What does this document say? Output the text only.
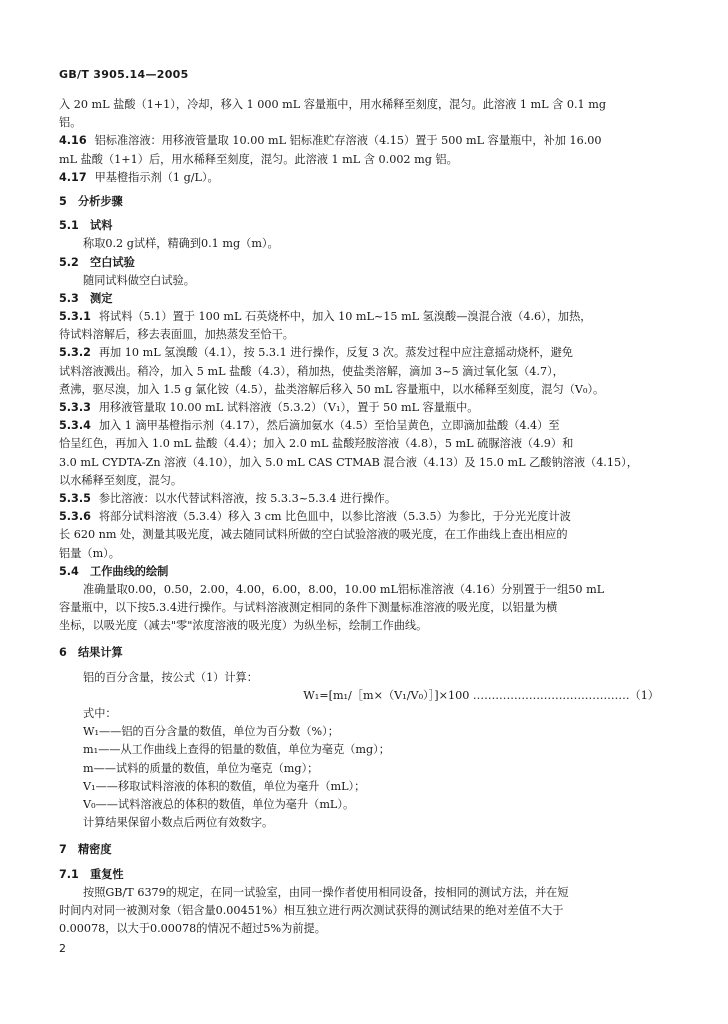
GB/T 3905.14—2005
入 20 mL 盐酸（1+1），冷却，移入 1 000 mL 容量瓶中，用水稀释至刻度，混匀。此溶液 1 mL 含 0.1 mg
铝。
4.16 铝标准溶液：用移液管量取 10.00 mL 铝标准贮存溶液（4.15）置于 500 mL 容量瓶中，补加 16.00
mL 盐酸（1+1）后，用水稀释至刻度，混匀。此溶液 1 mL 含 0.002 mg 铝。
4.17 甲基橙指示剂（1 g/L）。
5　分析步骤
5.1　试料
称取0.2 g试样，精确到0.1 mg（m）。
5.2　空白试验
随同试料做空白试验。
5.3　测定
5.3.1 将试料（5.1）置于 100 mL 石英烧杯中，加入 10 mL~15 mL 氢溴酸—溴混合液（4.6），加热，
待试料溶解后，移去表面皿，加热蒸发至恰干。
5.3.2 再加 10 mL 氢溴酸（4.1），按 5.3.1 进行操作，反复 3 次。蒸发过程中应注意摇动烧杯，避免
试料溶液溅出。稍冷，加入 5 mL 盐酸（4.3），稍加热，使盐类溶解，滴加 3~5 滴过氧化氢（4.7），
煮沸，驱尽溴，加入 1.5 g 氯化铵（4.5），盐类溶解后移入 50 mL 容量瓶中，以水稀释至刻度，混匀（V₀）。
5.3.3 用移液管量取 10.00 mL 试料溶液（5.3.2）（V₁），置于 50 mL 容量瓶中。
5.3.4 加入 1 滴甲基橙指示剂（4.17），然后滴加氨水（4.5）至恰呈黄色，立即滴加盐酸（4.4）至
恰呈红色，再加入 1.0 mL 盐酸（4.4）；加入 2.0 mL 盐酸羟胺溶液（4.8），5 mL 硫脲溶液（4.9）和
3.0 mL CYDTA-Zn 溶液（4.10），加入 5.0 mL CAS CTMAB 混合液（4.13）及 15.0 mL 乙酸钠溶液（4.15），
以水稀释至刻度，混匀。
5.3.5 参比溶液：以水代替试料溶液，按 5.3.3~5.3.4 进行操作。
5.3.6 将部分试料溶液（5.3.4）移入 3 cm 比色皿中，以参比溶液（5.3.5）为参比，于分光光度计波
长 620 nm 处，测量其吸光度，减去随同试料所做的空白试验溶液的吸光度，在工作曲线上查出相应的
铝量（m）。
5.4　工作曲线的绘制
准确量取0.00，0.50，2.00，4.00，6.00，8.00，10.00 mL铝标准溶液（4.16）分别置于一组50 mL
容量瓶中，以下按5.3.4进行操作。与试料溶液测定相同的条件下测量标准溶液的吸光度，以铝量为横
坐标，以吸光度（减去"零"浓度溶液的吸光度）为纵坐标，绘制工作曲线。
6　结果计算
铝的百分含量，按公式（1）计算：
W₁=[m₁/［m×（V₁/V₀）］]×100 ……………………………………（1）
式中：
W₁——铝的百分含量的数值，单位为百分数（%）；
m₁——从工作曲线上查得的铝量的数值，单位为毫克（mg）；
m——试料的质量的数值，单位为毫克（mg）；
V₁——移取试料溶液的体积的数值，单位为毫升（mL）；
V₀——试料溶液总的体积的数值，单位为毫升（mL）。
计算结果保留小数点后两位有效数字。
7　精密度
7.1　重复性
按照GB/T 6379的规定，在同一试验室，由同一操作者使用相同设备，按相同的测试方法，并在短
时间内对同一被测对象（铝含量0.00451%）相互独立进行两次测试获得的测试结果的绝对差值不大于
0.00078，以大于0.00078的情况不超过5%为前提。
2
